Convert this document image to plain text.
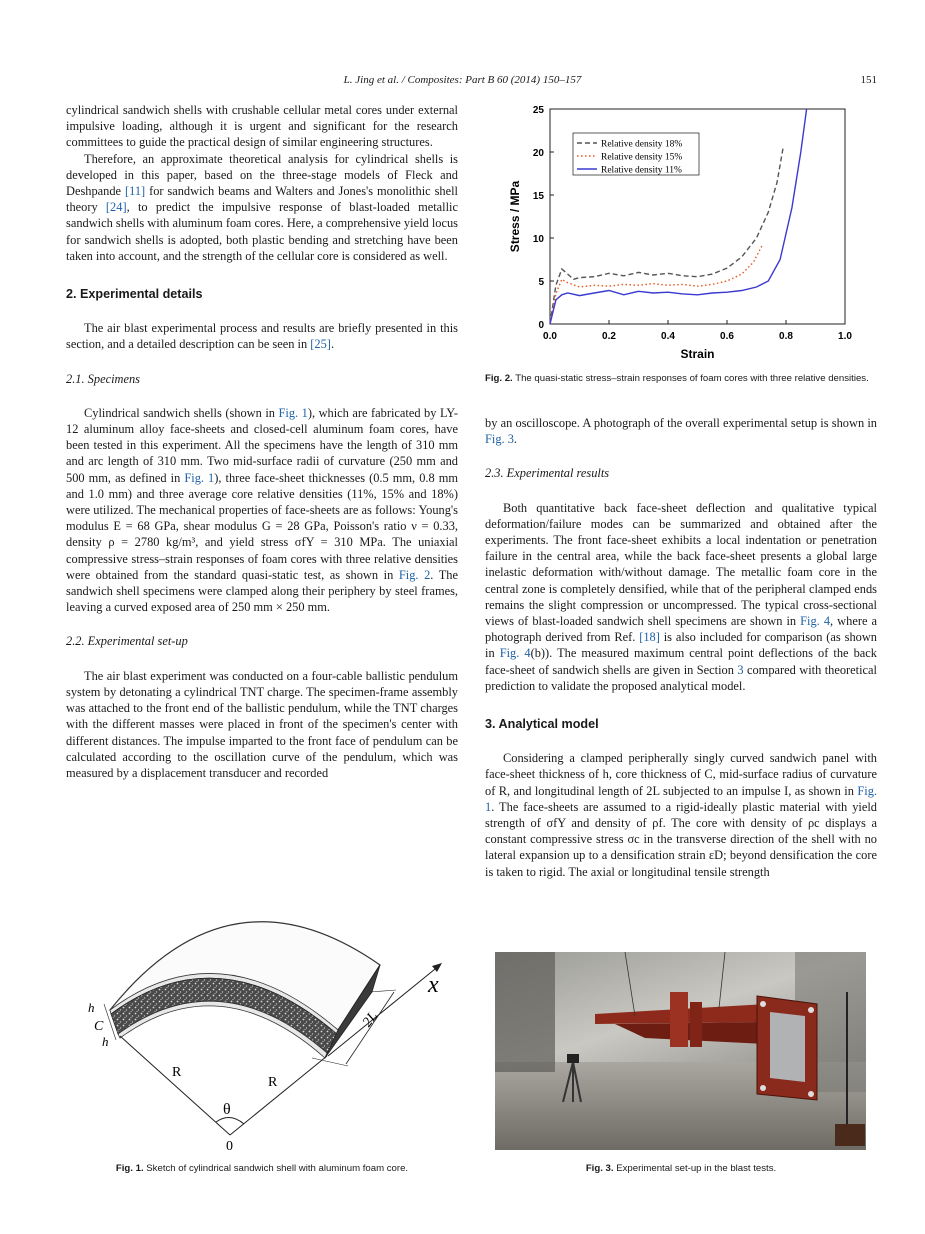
L. Jing et al. / Composites: Part B 60 (2014) 150–157	151

cylindrical sandwich shells with crushable cellular metal cores under external impulsive loading, although it is urgent and significant for the research committees to guide the practical design of similar engineering structures.

Therefore, an approximate theoretical analysis for cylindrical shells is developed in this paper, based on the three-stage models of Fleck and Deshpande [11] for sandwich beams and Walters and Jones's monolithic shell theory [24], to predict the impulsive response of blast-loaded metallic sandwich shells with aluminum foam cores. Here, a comprehensive yield locus for sandwich shells is adopted, both plastic bending and stretching have been taken into account, and the strength of the cellular core is considered as well.

2. Experimental details

The air blast experimental process and results are briefly presented in this section, and a detailed description can be seen in [25].

2.1. Specimens

Cylindrical sandwich shells (shown in Fig. 1), which are fabricated by LY-12 aluminum alloy face-sheets and closed-cell aluminum foam cores, have been tested in this experiment. All the specimens have the length of 310 mm and arc length of 310 mm. Two mid-surface radii of curvature (250 mm and 500 mm, as defined in Fig. 1), three face-sheet thicknesses (0.5 mm, 0.8 mm and 1.0 mm) and three average core relative densities (11%, 15% and 18%) were utilized. The mechanical properties of face-sheets are as follows: Young's modulus E = 68 GPa, shear modulus G = 28 GPa, Poisson's ratio ν = 0.33, density ρ = 2780 kg/m³, and yield stress σfY = 310 MPa. The uniaxial compressive stress–strain responses of foam cores with three relative densities were obtained from the standard quasi-static test, as shown in Fig. 2. The sandwich shell specimens were clamped along their periphery by steel frames, leaving a curved exposed area of 250 mm × 250 mm.

2.2. Experimental set-up

The air blast experiment was conducted on a four-cable ballistic pendulum system by detonating a cylindrical TNT charge. The specimen-frame assembly was attached to the front end of the ballistic pendulum, while the TNT charges with the different masses were placed in front of the specimen's center with different distances. The impulse imparted to the front face of pendulum can be calculated according to the oscillation curve of the pendulum, which was measured by a displacement transducer and recorded

0.0	0.2	0.4	0.6	0.8	1.0
0
5
10
15
20
25
Strain
Stress / MPa
Relative density 18%
Relative density 15%
Relative density 11%
Fig. 2. The quasi-static stress–strain responses of foam cores with three relative densities.

by an oscilloscope. A photograph of the overall experimental setup is shown in Fig. 3.

2.3. Experimental results

Both quantitative back face-sheet deflection and qualitative typical deformation/failure modes can be summarized and obtained after the experiments. The front face-sheet exhibits a local indentation or penetration failure in the central area, while the back face-sheet presents a global large inelastic deformation with/without damage. The metallic foam core in the central zone is completely densified, while that of the peripheral clamped ends remains the slight compression or uncompressed. The typical cross-sectional views of blast-loaded sandwich shell specimens are shown in Fig. 4, where a photograph derived from Ref. [18] is also included for comparison (as shown in Fig. 4(b)). The measured maximum central point deflections of the back face-sheet of sandwich shells are given in Section 3 compared with theoretical prediction to validate the proposed analytical model.

3. Analytical model

Considering a clamped peripherally singly curved sandwich panel with face-sheet thickness of h, core thickness of C, mid-surface radius of curvature of R, and longitudinal length of 2L subjected to an impulse I, as shown in Fig. 1. The face-sheets are assumed to a rigid-ideally plastic material with yield strength of σfY and density of ρf. The core with density of ρc displays a constant compressive stress σc in the transverse direction of the shell with no lateral expansion up to a densification strain εD; beyond densification the core is taken to rigid. The axial or longitudinal tensile strength

h
C
h
R
R
θ
0
2L
x
Fig. 1. Sketch of cylindrical sandwich shell with aluminum foam core.	Fig. 3. Experimental set-up in the blast tests.
